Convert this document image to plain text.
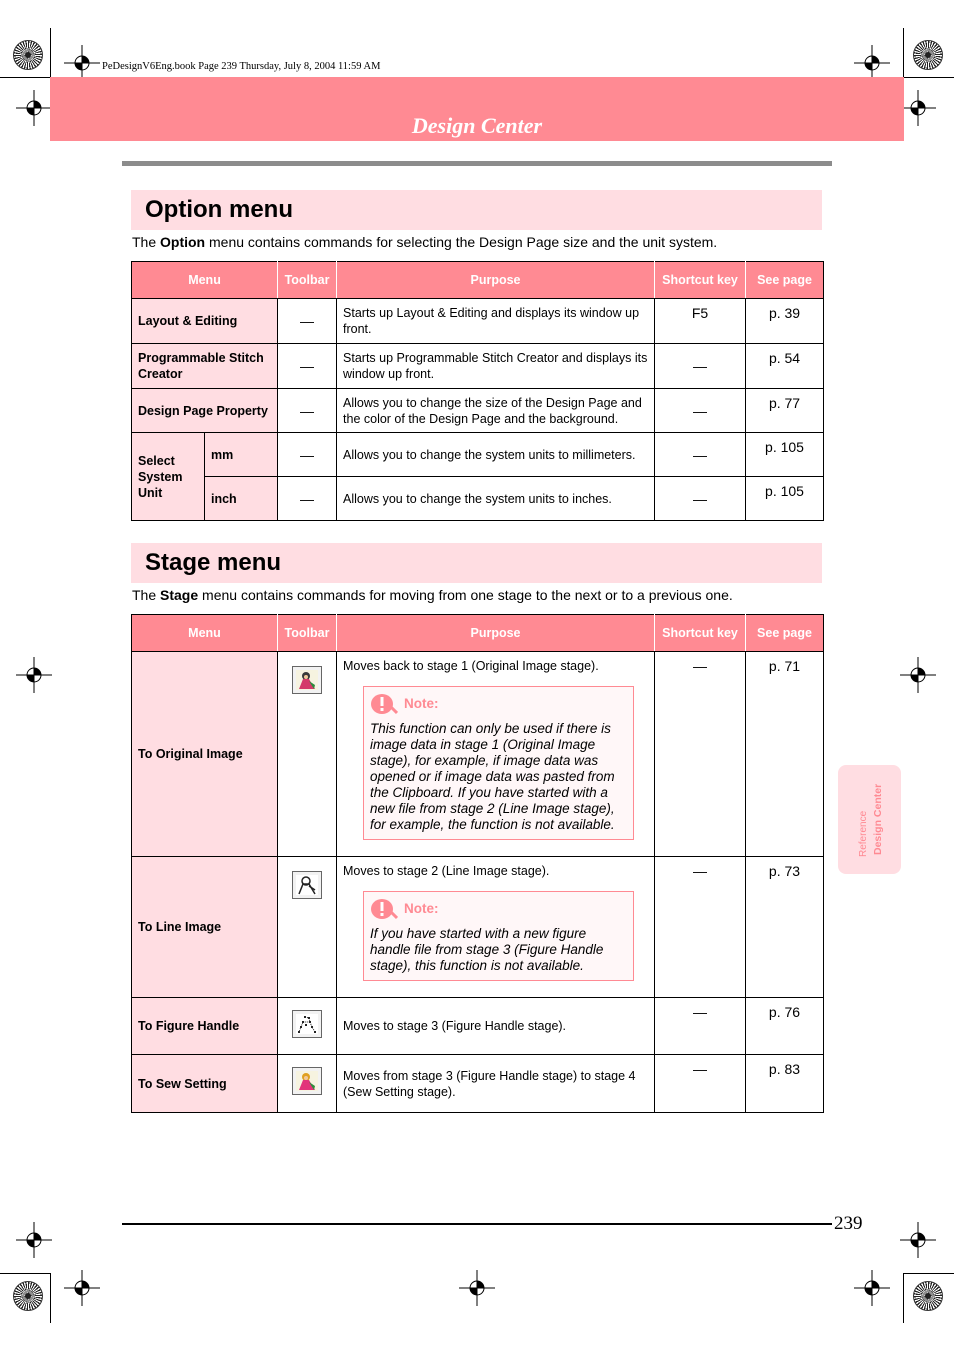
PeDesignV6Eng.book Page 239 Thursday, July 8, 2004 11:59 AM
Design Center
Option menu
The Option menu contains commands for selecting the Design Page size and the unit system.
Menu		Toolbar	Purpose	Shortcut key	See page
Layout & Editing		—	Starts up Layout & Editing and displays its window up front.	F5	p. 39
Programmable Stitch Creator		—	Starts up Programmable Stitch Creator and displays its window up front.	—	p. 54
Design Page Property		—	Allows you to change the size of the Design Page and the color of the Design Page and the background.	—	p. 77
Select System Unit	mm	—	Allows you to change the system units to millimeters.	—	p. 105
	inch	—	Allows you to change the system units to inches.	—	p. 105
Stage menu
The Stage menu contains commands for moving from one stage to the next or to a previous one.
Menu	Toolbar	Purpose	Shortcut key	See page
To Original Image		Moves back to stage 1 (Original Image stage).
Note:
This function can only be used if there is image data in stage 1 (Original Image stage), for example, if image data was opened or if image data was pasted from the Clipboard. If you have started with a new file from stage 2 (Line Image stage), for example, the function is not available.	—	p. 71
To Line Image		Moves to stage 2 (Line Image stage).
Note:
If you have started with a new figure handle file from stage 3 (Figure Handle stage), this function is not available.	—	p. 73
To Figure Handle		Moves to stage 3 (Figure Handle stage).	—	p. 76
To Sew Setting		Moves from stage 3 (Figure Handle stage) to stage 4 (Sew Setting stage).	—	p. 83
Reference Design Center
239
